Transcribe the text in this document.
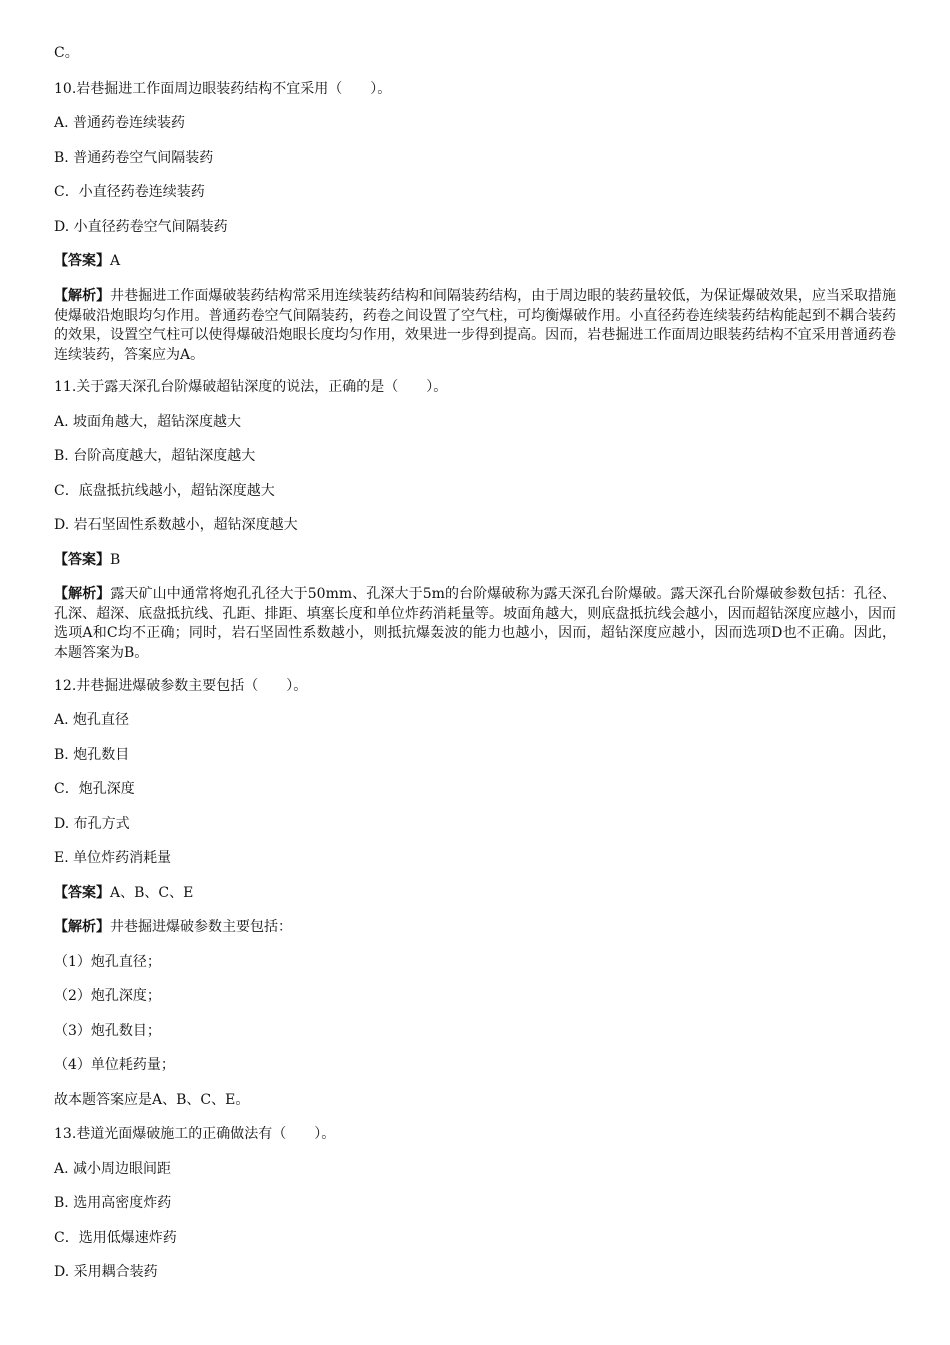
C。
10.岩巷掘进工作面周边眼装药结构不宜采用（　　）。
A. 普通药卷连续装药
B. 普通药卷空气间隔装药
C．小直径药卷连续装药
D. 小直径药卷空气间隔装药
【答案】A
【解析】井巷掘进工作面爆破装药结构常采用连续装药结构和间隔装药结构，由于周边眼的装药量较低，为保证爆破效果，应当采取措施使爆破沿炮眼均匀作用。普通药卷空气间隔装药，药卷之间设置了空气柱，可均衡爆破作用。小直径药卷连续装药结构能起到不耦合装药的效果，设置空气柱可以使得爆破沿炮眼长度均匀作用，效果进一步得到提高。因而，岩巷掘进工作面周边眼装药结构不宜采用普通药卷连续装药，答案应为A。
11.关于露天深孔台阶爆破超钻深度的说法，正确的是（　　）。
A. 坡面角越大，超钻深度越大
B. 台阶高度越大，超钻深度越大
C．底盘抵抗线越小，超钻深度越大
D. 岩石坚固性系数越小，超钻深度越大
【答案】B
【解析】露天矿山中通常将炮孔孔径大于50mm、孔深大于5m的台阶爆破称为露天深孔台阶爆破。露天深孔台阶爆破参数包括：孔径、孔深、超深、底盘抵抗线、孔距、排距、填塞长度和单位炸药消耗量等。坡面角越大，则底盘抵抗线会越小，因而超钻深度应越小，因而选项A和C均不正确；同时，岩石坚固性系数越小，则抵抗爆轰波的能力也越小，因而，超钻深度应越小，因而选项D也不正确。因此，本题答案为B。
12.井巷掘进爆破参数主要包括（　　）。
A. 炮孔直径
B. 炮孔数目
C．炮孔深度
D. 布孔方式
E. 单位炸药消耗量
【答案】A、B、C、E
【解析】井巷掘进爆破参数主要包括：
（1）炮孔直径；
（2）炮孔深度；
（3）炮孔数目；
（4）单位耗药量；
故本题答案应是A、B、C、E。
13.巷道光面爆破施工的正确做法有（　　）。
A. 减小周边眼间距
B. 选用高密度炸药
C．选用低爆速炸药
D. 采用耦合装药
